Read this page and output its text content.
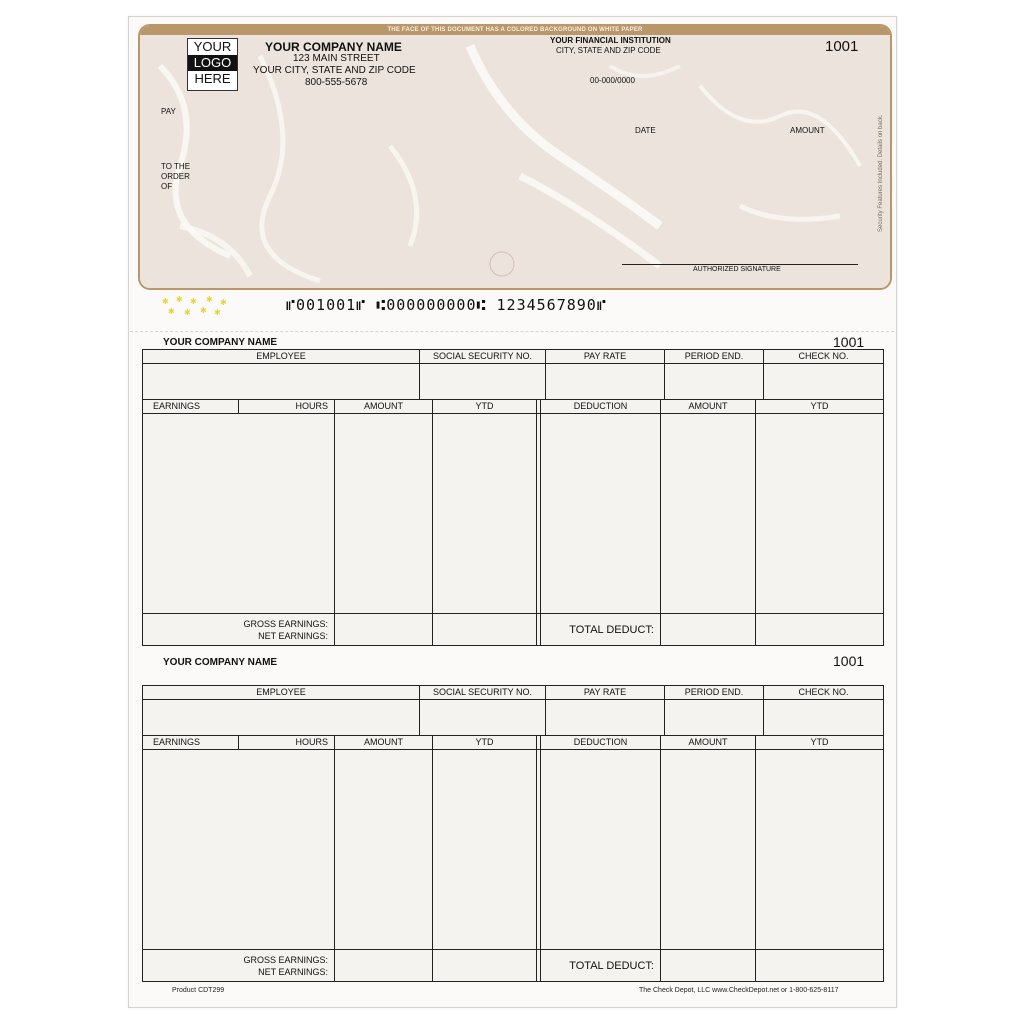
THE FACE OF THIS DOCUMENT HAS A COLORED BACKGROUND ON WHITE PAPER
YOUR
LOGO
HERE
YOUR COMPANY NAME
123 MAIN STREET
YOUR CITY, STATE AND ZIP CODE
800-555-5678
YOUR FINANCIAL INSTITUTION
CITY, STATE AND ZIP CODE
00-000/0000
1001
PAY
TO THE
ORDER
OF
DATE	AMOUNT
AUTHORIZED SIGNATURE
Security Features Included. Details on back.
✱ ✱ ✱ ✱ ✱
✱ ✱ ✱ ✱	⑈001001⑈ ⑆000000000⑆ 1234567890⑈
YOUR COMPANY NAME	1001
EMPLOYEE	SOCIAL SECURITY NO.	PAY RATE	PERIOD END.	CHECK NO.

EARNINGS	HOURS	AMOUNT	YTD		DEDUCTION	AMOUNT	YTD

GROSS EARNINGS:
NET EARNINGS:					TOTAL DEDUCT:		
YOUR COMPANY NAME	1001
EMPLOYEE	SOCIAL SECURITY NO.	PAY RATE	PERIOD END.	CHECK NO.

EARNINGS	HOURS	AMOUNT	YTD		DEDUCTION	AMOUNT	YTD

GROSS EARNINGS:
NET EARNINGS:					TOTAL DEDUCT:		
Product CDT299	The Check Depot, LLC www.CheckDepot.net or 1-800-625-8117
